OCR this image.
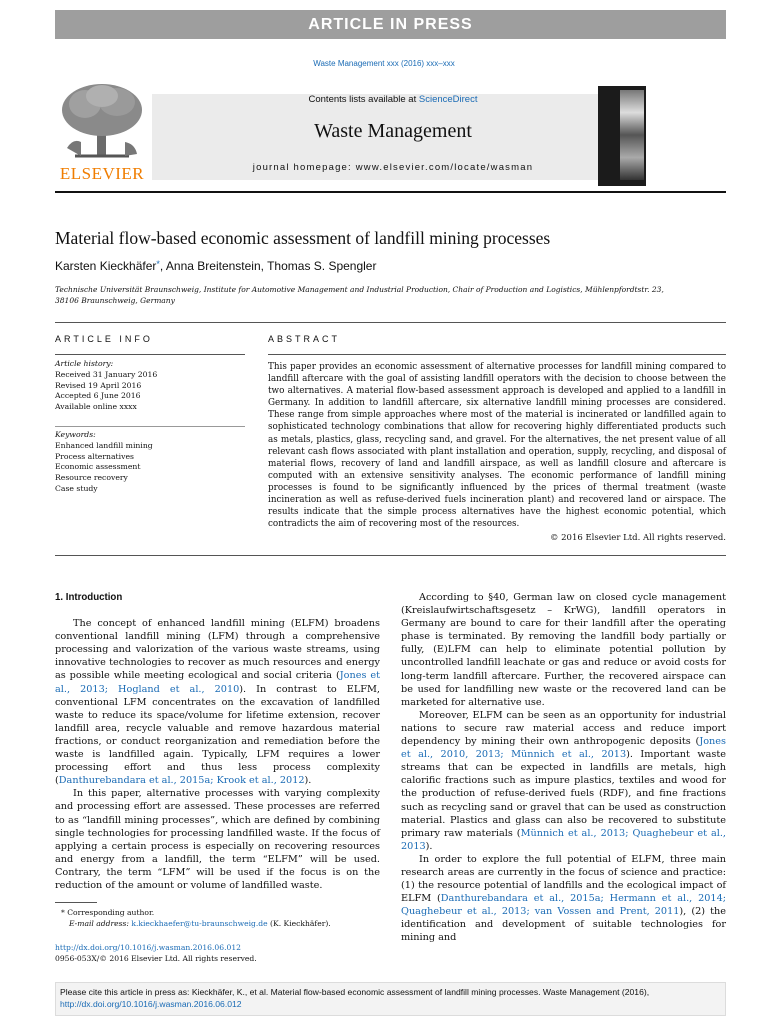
ARTICLE IN PRESS
Waste Management xxx (2016) xxx–xxx
ELSEVIER
Contents lists available at ScienceDirect
Waste Management
journal homepage: www.elsevier.com/locate/wasman
Material flow-based economic assessment of landfill mining processes
Karsten Kieckhäfer*, Anna Breitenstein, Thomas S. Spengler
Technische Universität Braunschweig, Institute for Automotive Management and Industrial Production, Chair of Production and Logistics, Mühlenpfordtstr. 23, 38106 Braunschweig, Germany
ARTICLE INFO
Article history:
Received 31 January 2016
Revised 19 April 2016
Accepted 6 June 2016
Available online xxxx
Keywords:
Enhanced landfill mining
Process alternatives
Economic assessment
Resource recovery
Case study
ABSTRACT
This paper provides an economic assessment of alternative processes for landfill mining compared to landfill aftercare with the goal of assisting landfill operators with the decision to choose between the two alternatives. A material flow-based assessment approach is developed and applied to a landfill in Germany. In addition to landfill aftercare, six alternative landfill mining processes are considered. These range from simple approaches where most of the material is incinerated or landfilled again to sophisticated technology combinations that allow for recovering highly differentiated products such as metals, plastics, glass, recycling sand, and gravel. For the alternatives, the net present value of all relevant cash flows associated with plant installation and operation, supply, recycling, and disposal of material flows, recovery of land and landfill airspace, as well as landfill closure and aftercare is computed with an extensive sensitivity analyses. The economic performance of landfill mining processes is found to be significantly influenced by the prices of thermal treatment (waste incineration as well as refuse-derived fuels incineration plant) and recovered land or airspace. The results indicate that the simple process alternatives have the highest economic potential, which contradicts the aim of recovering most of the resources.
© 2016 Elsevier Ltd. All rights reserved.
1. Introduction

The concept of enhanced landfill mining (ELFM) broadens conventional landfill mining (LFM) through a comprehensive processing and valorization of the various waste streams, using innovative technologies to recover as much resources and energy as possible while meeting ecological and social criteria (Jones et al., 2013; Hogland et al., 2010). In contrast to ELFM, conventional LFM concentrates on the excavation of landfilled waste to reduce its space/volume for lifetime extension, recover landfill area, recycle valuable and remove hazardous material fractions, or conduct reorganization and remediation before the waste is landfilled again. Typically, LFM requires a lower processing effort and thus less process complexity (Danthurebandara et al., 2015a; Krook et al., 2012).

In this paper, alternative processes with varying complexity and processing effort are assessed. These processes are referred to as “landfill mining processes”, which are defined by combining single technologies for processing landfilled waste. If the focus of applying a certain process is especially on recovering resources and energy from a landfill, the term “ELFM” will be used. Contrary, the term “LFM” will be used if the focus is on the reduction of the amount or volume of landfilled waste.

* Corresponding author.
E-mail address: k.kieckhaefer@tu-braunschweig.de (K. Kieckhäfer).
http://dx.doi.org/10.1016/j.wasman.2016.06.012
0956-053X/© 2016 Elsevier Ltd. All rights reserved.

According to §40, German law on closed cycle management (Kreislaufwirtschaftsgesetz – KrWG), landfill operators in Germany are bound to care for their landfill after the operating phase is terminated. By removing the landfill body partially or fully, (E)LFM can help to eliminate potential pollution by uncontrolled landfill leachate or gas and reduce or avoid costs for long-term landfill aftercare. Further, the recovered airspace can be used for landfilling new waste or the recovered land can be marketed for alternative use.

Moreover, ELFM can be seen as an opportunity for industrial nations to secure raw material access and reduce import dependency by mining their own anthropogenic deposits (Jones et al., 2010, 2013; Münnich et al., 2013). Important waste streams that can be expected in landfills are metals, high calorific fractions such as impure plastics, textiles and wood for the production of refuse-derived fuels (RDF), and fine fractions such as recycling sand or gravel that can be used as construction material. Plastics and glass can also be recovered to substitute primary raw materials (Münnich et al., 2013; Quaghebeur et al., 2013).

In order to explore the full potential of ELFM, three main research areas are currently in the focus of science and practice: (1) the resource potential of landfills and the ecological impact of ELFM (Danthurebandara et al., 2015a; Hermann et al., 2014; Quaghebeur et al., 2013; van Vossen and Prent, 2011), (2) the identification and development of suitable technologies for mining and

Please cite this article in press as: Kieckhäfer, K., et al. Material flow-based economic assessment of landfill mining processes. Waste Management (2016),
http://dx.doi.org/10.1016/j.wasman.2016.06.012
